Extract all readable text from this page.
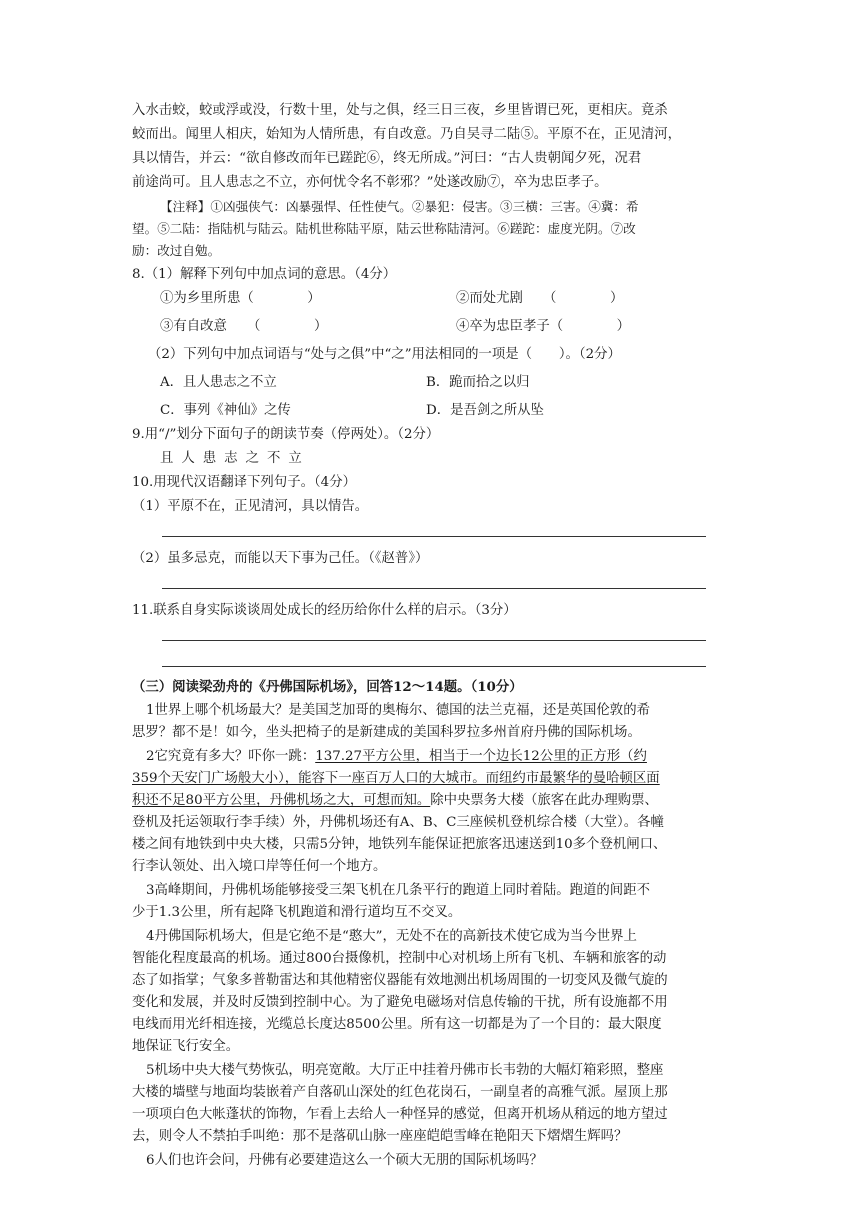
入水击蛟，蛟或浮或没，行数十里，处与之俱，经三日三夜，乡里皆谓已死，更相庆。竟杀
蛟而出。闻里人相庆，始知为人情所患，有自改意。乃自吴寻二陆⑤。平原不在，正见清河，
具以情告，并云：“欲自修改而年已蹉跎⑥，终无所成。”河曰：“古人贵朝闻夕死，况君
前途尚可。且人患志之不立，亦何忧令名不彰邪？”处遂改励⑦，卒为忠臣孝子。
【注释】①凶强侠气：凶暴强悍、任性使气。②暴犯：侵害。③三横：三害。④冀：希
望。⑤二陆：指陆机与陆云。陆机世称陆平原，陆云世称陆清河。⑥蹉跎：虚度光阴。⑦改
励：改过自勉。
8.（1）解释下列句中加点词的意思。（4分）
①为乡里所患（　　　　）	②而处尤剧　　（　　　　）
③有自改意　　（　　　　）	④卒为忠臣孝子（　　　　）
（2）下列句中加点词语与“处与之俱”中“之”用法相同的一项是（　　）。（2分）
A．且人患志之不立	B．跪而拾之以归
C．事列《神仙》之传	D．是吾剑之所从坠
9.用“/”划分下面句子的朗读节奏（停两处）。（2分）
且人患志之不立
10.用现代汉语翻译下列句子。（4分）
（1）平原不在，正见清河，具以情告。
（2）虽多忌克，而能以天下事为己任。（《赵普》）
11.联系自身实际谈谈周处成长的经历给你什么样的启示。（3分）
（三）阅读梁劲舟的《丹佛国际机场》，回答12～14题。（10分）
1世界上哪个机场最大？是美国芝加哥的奥梅尔、德国的法兰克福，还是英国伦敦的希
思罗？都不是！如今，坐头把椅子的是新建成的美国科罗拉多州首府丹佛的国际机场。
2它究竟有多大？吓你一跳：137.27平方公里，相当于一个边长12公里的正方形（约
359个天安门广场般大小），能容下一座百万人口的大城市。而纽约市最繁华的曼哈顿区面
积还不足80平方公里，丹佛机场之大，可想而知。除中央票务大楼（旅客在此办理购票、
登机及托运领取行李手续）外，丹佛机场还有A、B、C三座候机登机综合楼（大堂）。各幢
楼之间有地铁到中央大楼，只需5分钟，地铁列车能保证把旅客迅速送到10多个登机闸口、
行李认领处、出入境口岸等任何一个地方。
3高峰期间，丹佛机场能够接受三架飞机在几条平行的跑道上同时着陆。跑道的间距不
少于1.3公里，所有起降飞机跑道和滑行道均互不交叉。
4丹佛国际机场大，但是它绝不是“憨大”，无处不在的高新技术使它成为当今世界上
智能化程度最高的机场。通过800台摄像机，控制中心对机场上所有飞机、车辆和旅客的动
态了如指掌；气象多普勒雷达和其他精密仪器能有效地测出机场周围的一切变风及微气旋的
变化和发展，并及时反馈到控制中心。为了避免电磁场对信息传输的干扰，所有设施都不用
电线而用光纤相连接，光缆总长度达8500公里。所有这一切都是为了一个目的：最大限度
地保证飞行安全。
5机场中央大楼气势恢弘，明亮宽敞。大厅正中挂着丹佛市长韦勃的大幅灯箱彩照，整座
大楼的墙壁与地面均装嵌着产自落矶山深处的红色花岗石，一副皇者的高雅气派。屋顶上那
一项项白色大帐蓬状的饰物，乍看上去给人一种怪异的感觉，但离开机场从稍远的地方望过
去，则令人不禁拍手叫绝：那不是落矶山脉一座座皑皑雪峰在艳阳天下熠熠生辉吗？
6人们也许会问，丹佛有必要建造这么一个硕大无朋的国际机场吗？
